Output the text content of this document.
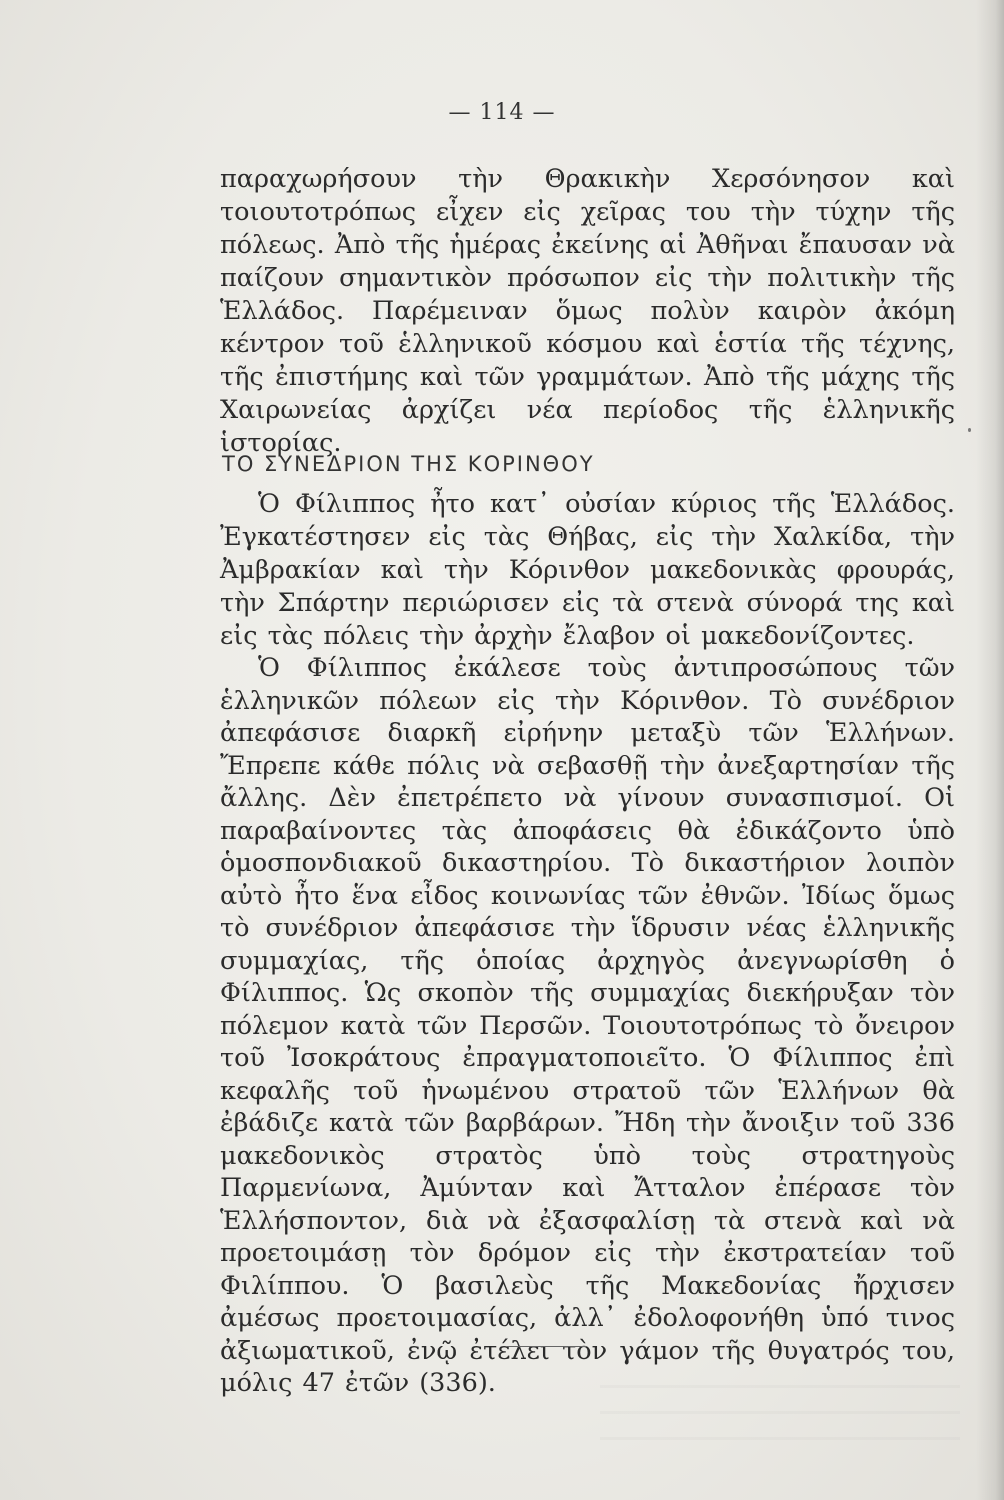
— 114 —
παραχωρήσουν τὴν Θρακικὴν Χερσόνησον καὶ τοιουτοτρόπως εἶχεν εἰς χεῖρας του τὴν τύχην τῆς πόλεως. Ἀπὸ τῆς ἡμέρας ἐκείνης αἱ Ἀθῆναι ἔπαυσαν νὰ παίζουν σημαντικὸν πρόσωπον εἰς τὴν πολιτικὴν τῆς Ἑλλάδος. Παρέμειναν ὅμως πολὺν καιρὸν ἀκόμη κέντρον τοῦ ἑλληνικοῦ κόσμου καὶ ἑστία τῆς τέχνης, τῆς ἐπιστήμης καὶ τῶν γραμμάτων. Ἀπὸ τῆς μάχης τῆς Χαιρωνείας ἀρχίζει νέα περίοδος τῆς ἑλληνικῆς ἱστορίας.
ΤΟ ΣΥΝΕΔΡΙΟΝ ΤΗΣ ΚΟΡΙΝΘΟΥ
Ὁ Φίλιππος ἦτο κατ᾽ οὐσίαν κύριος τῆς Ἑλλάδος. Ἐγκατέστησεν εἰς τὰς Θήβας, εἰς τὴν Χαλκίδα, τὴν Ἀμβρακίαν καὶ τὴν Κόρινθον μακεδονικὰς φρουράς, τὴν Σπάρτην περιώρισεν εἰς τὰ στενὰ σύνορά της καὶ εἰς τὰς πόλεις τὴν ἀρχὴν ἔλαβον οἱ μακεδονίζοντες.
Ὁ Φίλιππος ἐκάλεσε τοὺς ἀντιπροσώπους τῶν ἑλληνικῶν πόλεων εἰς τὴν Κόρινθον. Τὸ συνέδριον ἀπεφάσισε διαρκῆ εἰρήνην μεταξὺ τῶν Ἑλλήνων. Ἔπρεπε κάθε πόλις νὰ σεβασθῇ τὴν ἀνεξαρτησίαν τῆς ἄλλης. Δὲν ἐπετρέπετο νὰ γίνουν συνασπισμοί. Οἱ παραβαίνοντες τὰς ἀποφάσεις θὰ ἐδικάζοντο ὑπὸ ὁμοσπονδιακοῦ δικαστηρίου. Τὸ δικαστήριον λοιπὸν αὐτὸ ἦτο ἕνα εἶδος κοινωνίας τῶν ἐθνῶν. Ἰδίως ὅμως τὸ συνέδριον ἀπεφάσισε τὴν ἵδρυσιν νέας ἑλληνικῆς συμμαχίας, τῆς ὁποίας ἀρχηγὸς ἀνεγνωρίσθη ὁ Φίλιππος. Ὡς σκοπὸν τῆς συμμαχίας διεκήρυξαν τὸν πόλεμον κατὰ τῶν Περσῶν. Τοιουτοτρόπως τὸ ὄνειρον τοῦ Ἰσοκράτους ἐπραγματοποιεῖτο. Ὁ Φίλιππος ἐπὶ κεφαλῆς τοῦ ἡνωμένου στρατοῦ τῶν Ἑλλήνων θὰ ἐβάδιζε κατὰ τῶν βαρβάρων. Ἤδη τὴν ἄνοιξιν τοῦ 336 μακεδονικὸς στρατὸς ὑπὸ τοὺς στρατηγοὺς Παρμενίωνα, Ἀμύνταν καὶ Ἄτταλον ἐπέρασε τὸν Ἑλλήσποντον, διὰ νὰ ἐξασφαλίσῃ τὰ στενὰ καὶ νὰ προετοιμάσῃ τὸν δρόμον εἰς τὴν ἐκστρατείαν τοῦ Φιλίππου. Ὁ βασιλεὺς τῆς Μακεδονίας ἤρχισεν ἀμέσως προετοιμασίας, ἀλλ᾽ ἐδολοφονήθη ὑπό τινος ἀξιωματικοῦ, ἐνῷ ἐτέλει τὸν γάμον τῆς θυγατρός του, μόλις 47 ἐτῶν (336).
